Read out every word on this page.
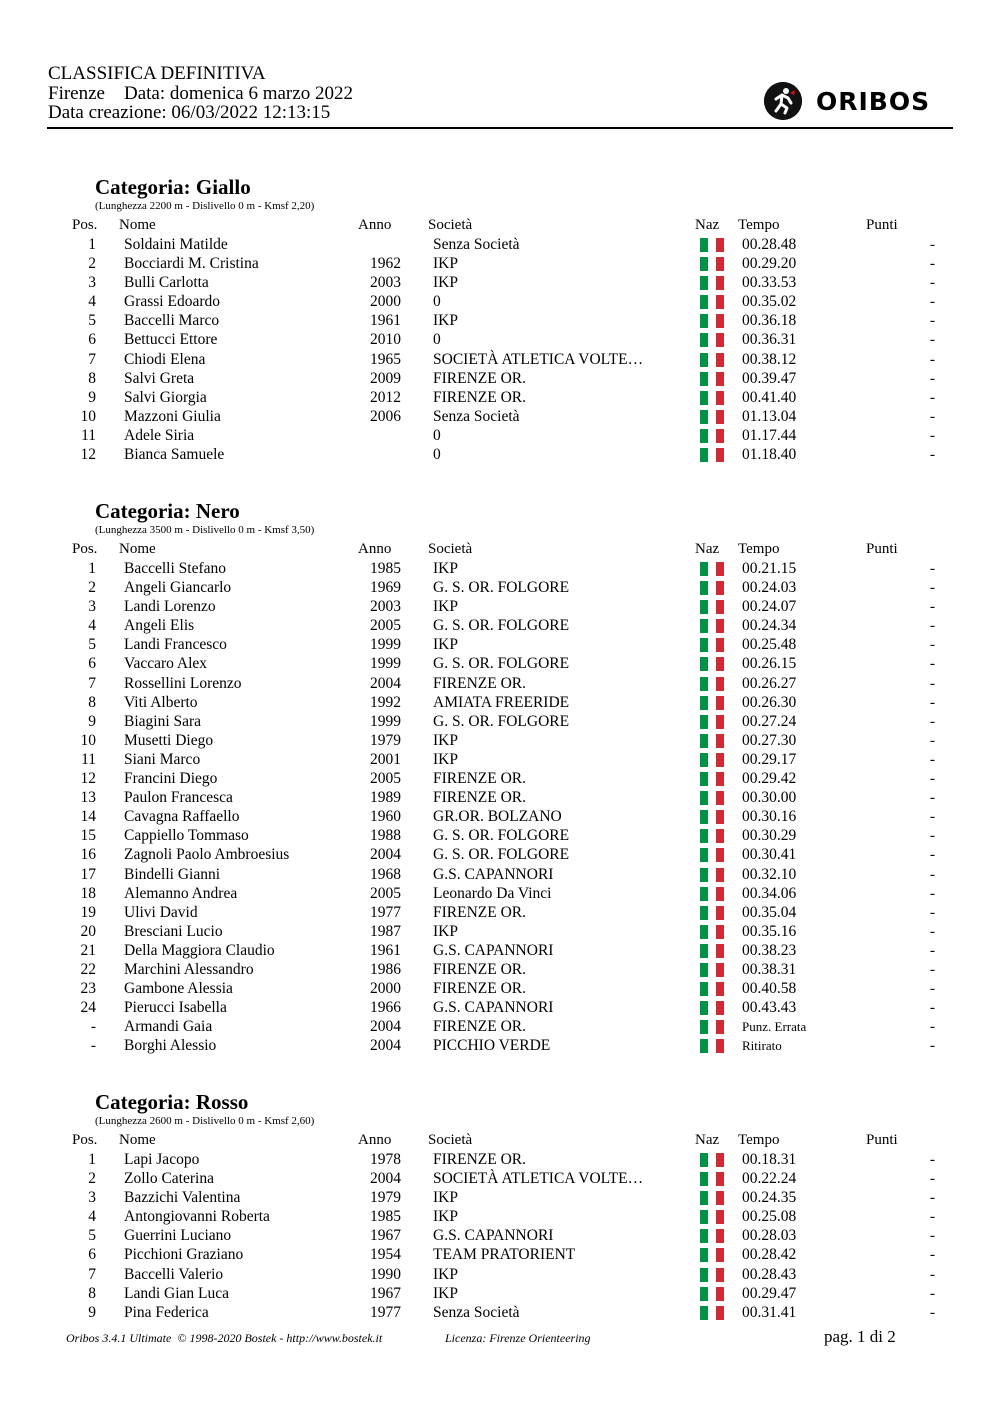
CLASSIFICA DEFINITIVA
Firenze    Data: domenica 6 marzo 2022
Data creazione: 06/03/2022 12:13:15	ORIBOS
Categoria: Giallo
(Lunghezza 2200 m - Dislivello 0 m - Kmsf 2,20)
Pos. Nome	Anno Società	Naz Tempo	Punti
1 Soldaini Matilde	Senza Società	00.28.48	-
2 Bocciardi M. Cristina	1962 IKP	00.29.20	-
3 Bulli Carlotta	2003 IKP	00.33.53	-
4 Grassi Edoardo	2000 0	00.35.02	-
5 Baccelli Marco	1961 IKP	00.36.18	-
6 Bettucci Ettore	2010 0	00.36.31	-
7 Chiodi Elena	1965 SOCIETÀ ATLETICA VOLTE…	00.38.12	-
8 Salvi Greta	2009 FIRENZE OR.	00.39.47	-
9 Salvi Giorgia	2012 FIRENZE OR.	00.41.40	-
10 Mazzoni Giulia	2006 Senza Società	01.13.04	-
11 Adele Siria	0	01.17.44	-
12 Bianca Samuele	0	01.18.40	-
Categoria: Nero
(Lunghezza 3500 m - Dislivello 0 m - Kmsf 3,50)
Pos. Nome	Anno Società	Naz Tempo	Punti
1 Baccelli Stefano	1985 IKP	00.21.15	-
2 Angeli Giancarlo	1969 G. S. OR. FOLGORE	00.24.03	-
3 Landi Lorenzo	2003 IKP	00.24.07	-
4 Angeli Elis	2005 G. S. OR. FOLGORE	00.24.34	-
5 Landi Francesco	1999 IKP	00.25.48	-
6 Vaccaro Alex	1999 G. S. OR. FOLGORE	00.26.15	-
7 Rossellini Lorenzo	2004 FIRENZE OR.	00.26.27	-
8 Viti Alberto	1992 AMIATA FREERIDE	00.26.30	-
9 Biagini Sara	1999 G. S. OR. FOLGORE	00.27.24	-
10 Musetti Diego	1979 IKP	00.27.30	-
11 Siani Marco	2001 IKP	00.29.17	-
12 Francini Diego	2005 FIRENZE OR.	00.29.42	-
13 Paulon Francesca	1989 FIRENZE OR.	00.30.00	-
14 Cavagna Raffaello	1960 GR.OR. BOLZANO	00.30.16	-
15 Cappiello Tommaso	1988 G. S. OR. FOLGORE	00.30.29	-
16 Zagnoli Paolo Ambroesius	2004 G. S. OR. FOLGORE	00.30.41	-
17 Bindelli Gianni	1968 G.S. CAPANNORI	00.32.10	-
18 Alemanno Andrea	2005 Leonardo Da Vinci	00.34.06	-
19 Ulivi David	1977 FIRENZE OR.	00.35.04	-
20 Bresciani Lucio	1987 IKP	00.35.16	-
21 Della Maggiora Claudio	1961 G.S. CAPANNORI	00.38.23	-
22 Marchini Alessandro	1986 FIRENZE OR.	00.38.31	-
23 Gambone Alessia	2000 FIRENZE OR.	00.40.58	-
24 Pierucci Isabella	1966 G.S. CAPANNORI	00.43.43	-
- Armandi Gaia	2004 FIRENZE OR.	Punz. Errata	-
- Borghi Alessio	2004 PICCHIO VERDE	Ritirato	-
Categoria: Rosso
(Lunghezza 2600 m - Dislivello 0 m - Kmsf 2,60)
Pos. Nome	Anno Società	Naz Tempo	Punti
1 Lapi Jacopo	1978 FIRENZE OR.	00.18.31	-
2 Zollo Caterina	2004 SOCIETÀ ATLETICA VOLTE…	00.22.24	-
3 Bazzichi Valentina	1979 IKP	00.24.35	-
4 Antongiovanni Roberta	1985 IKP	00.25.08	-
5 Guerrini Luciano	1967 G.S. CAPANNORI	00.28.03	-
6 Picchioni Graziano	1954 TEAM PRATORIENT	00.28.42	-
7 Baccelli Valerio	1990 IKP	00.28.43	-
8 Landi Gian Luca	1967 IKP	00.29.47	-
9 Pina Federica	1977 Senza Società	00.31.41	-
Oribos 3.4.1 Ultimate  © 1998-2020 Bostek - http://www.bostek.it	Licenza: Firenze Orienteering	pag. 1 di 2
